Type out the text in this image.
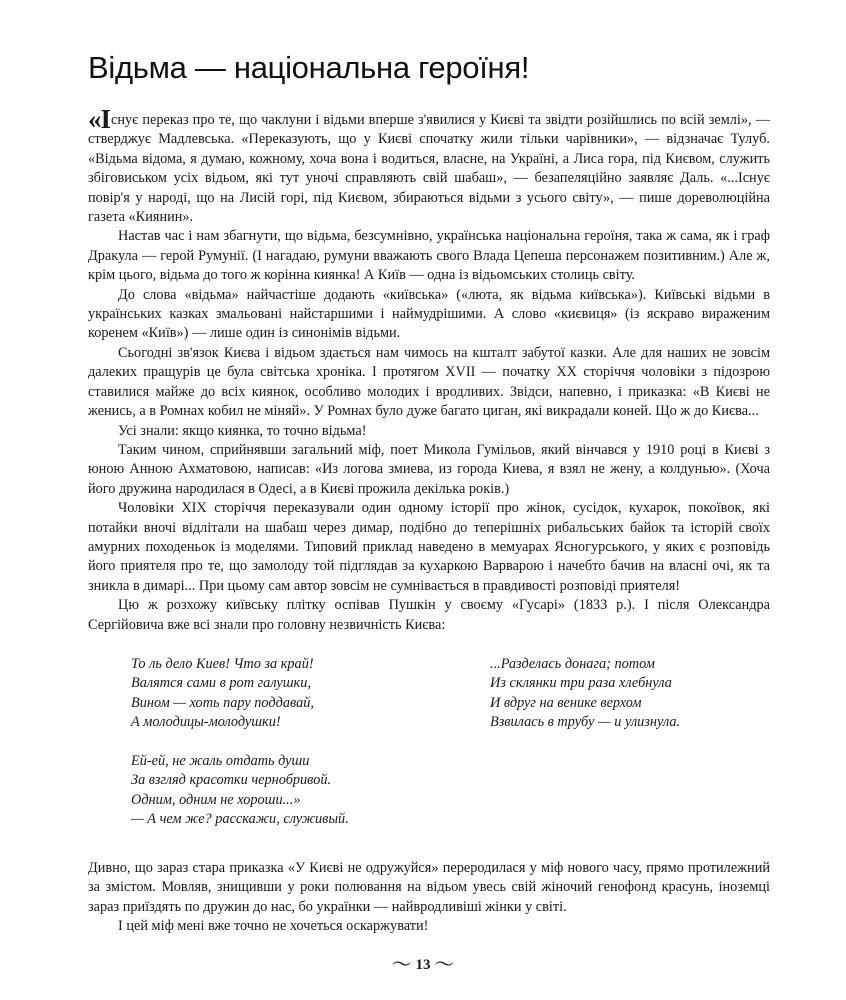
Відьма — національна героїня!

«Існує переказ про те, що чаклуни і відьми вперше з'явилися у Києві та звідти розійшлись по всій землі», — стверджує Мадлевська. «Переказують, що у Києві спочатку жили тільки чарівники», — відзначає Тулуб. «Відьма відома, я думаю, кожному, хоча вона і водиться, власне, на Україні, а Лиса гора, під Києвом, служить збіговиськом усіх відьом, які тут уночі справляють свій шабаш», — безапеляційно заявляє Даль. «...Існує повір'я у народі, що на Лисій горі, під Києвом, збираються відьми з усього світу», — пише дореволюційна газета «Киянин».

Настав час і нам збагнути, що відьма, безсумнівно, українська національна героїня, така ж сама, як і граф Дракула — герой Румунії. (І нагадаю, румуни вважають свого Влада Цепеша персонажем позитивним.) Але ж, крім цього, відьма до того ж корінна киянка! А Київ — одна із відьомських столиць світу.

До слова «відьма» найчастіше додають «київська» («люта, як відьма київська»). Київські відьми в українських казках змальовані найстаршими і наймудрішими. А слово «києвиця» (із яскраво вираженим коренем «Київ») — лише один із синонімів відьми.

Сьогодні зв'язок Києва і відьом здається нам чимось на кшталт забутої казки. Але для наших не зовсім далеких пращурів це була світська хроніка. І протягом XVII — початку XX сторіччя чоловіки з підозрою ставилися майже до всіх киянок, особливо молодих і вродливих. Звідси, напевно, і приказка: «В Києві не женись, а в Ромнах кобил не міняй». У Ромнах було дуже багато циган, які викрадали коней. Що ж до Києва...

Усі знали: якщо киянка, то точно відьма!

Таким чином, сприйнявши загальний міф, поет Микола Гумільов, який вінчався у 1910 році в Києві з юною Анною Ахматовою, написав: «Из логова змиева, из города Киева, я взял не жену, а колдунью». (Хоча його дружина народилася в Одесі, а в Києві прожила декілька років.)

Чоловіки XIX сторіччя переказували один одному історії про жінок, сусідок, кухарок, покоївок, які потайки вночі відлітали на шабаш через димар, подібно до теперішніх рибальських байок та історій своїх амурних походеньок із моделями. Типовий приклад наведено в мемуарах Ясногурського, у яких є розповідь його приятеля про те, що замолоду той підглядав за кухаркою Варварою і начебто бачив на власні очі, як та зникла в димарі... При цьому сам автор зовсім не сумнівається в правдивості розповіді приятеля!

Цю ж розхожу київську плітку оспівав Пушкін у своєму «Гусарі» (1833 р.). І після Олександра Сергійовича вже всі знали про головну незвичність Києва:

То ль дело Киев! Что за край!
Валятся сами в рот галушки,
Вином — хоть пару поддавай,
А молодицы-молодушки!
Ей-ей, не жаль отдать души
За взгляд красотки чернобривой.
Одним, одним не хороши...»
— А чем же? расскажи, служивый.
...Разделась донага; потом
Из склянки три раза хлебнула
И вдруг на венике верхом
Взвилась в трубу — и улизнула.

Дивно, що зараз стара приказка «У Києві не одружуйся» переродилася у міф нового часу, прямо протилежний за змістом. Мовляв, знищивши у роки полювання на відьом увесь свій жіночий генофонд красунь, іноземці зараз приїздять по дружин до нас, бо українки — найвродливіші жінки у світі.

І цей міф мені вже точно не хочеться оскаржувати!

〜 13 〜
